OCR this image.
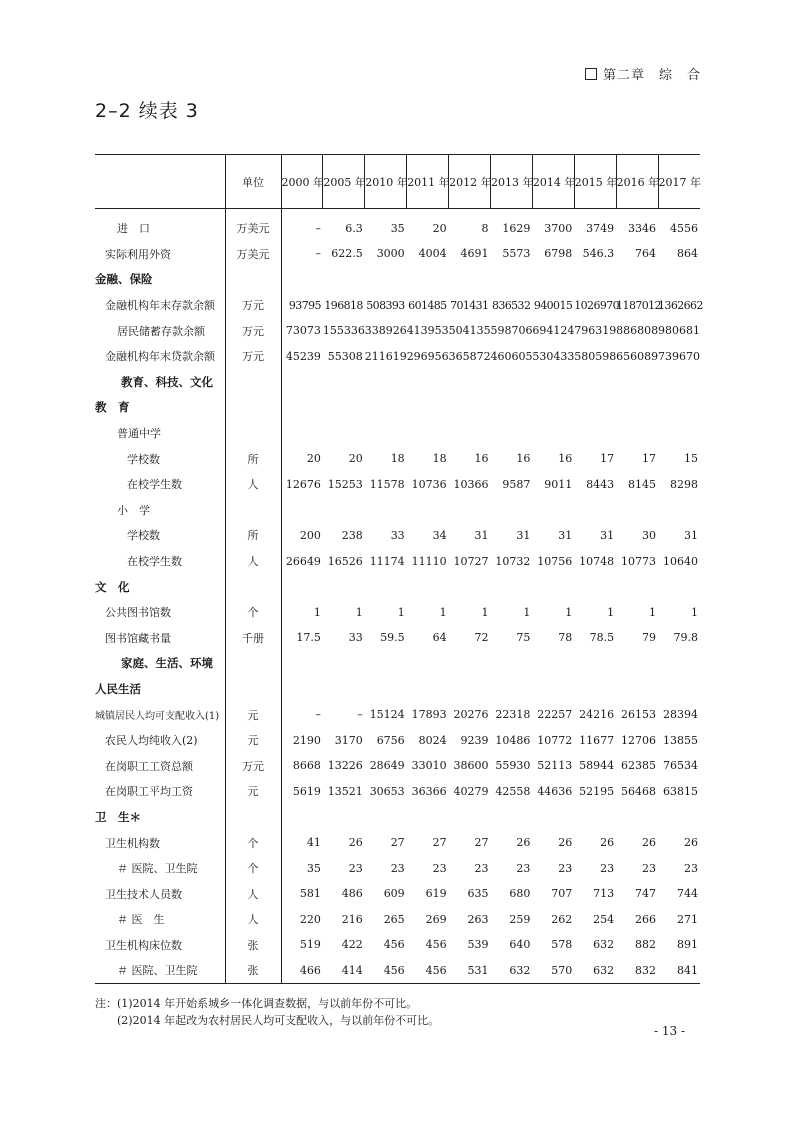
第二章　综　合
2–2 续表 3
	单位	2000 年	2005 年	2010 年	2011 年	2012 年	2013 年	2014 年	2015 年	2016 年	2017 年

进　口	万美元	–	6.3	35	20	8	1629	3700	3749	3346	4556
实际利用外资	万美元	–	622.5	3000	4004	4691	5573	6798	546.3	764	864
金融、保险											
金融机构年末存款余额	万元	93795	196818	508393	601485	701431	836532	940015	1026970	1187012	1362662
居民储蓄存款余额	万元	73073	155336	338926	413953	504135	598706	694124	796319	886808	980681
金融机构年末贷款余额	万元	45239	55308	211619	296956	365872	460605	530433	580598	656089	739670
教育、科技、文化											
教　育											
普通中学											
学校数	所	20	20	18	18	16	16	16	17	17	15
在校学生数	人	12676	15253	11578	10736	10366	9587	9011	8443	8145	8298
小　学											
学校数	所	200	238	33	34	31	31	31	31	30	31
在校学生数	人	26649	16526	11174	11110	10727	10732	10756	10748	10773	10640
文　化											
公共图书馆数	个	1	1	1	1	1	1	1	1	1	1
图书馆藏书量	千册	17.5	33	59.5	64	72	75	78	78.5	79	79.8
家庭、生活、环境											
人民生活											
城镇居民人均可支配收入(1)	元	–	–	15124	17893	20276	22318	22257	24216	26153	28394
农民人均纯收入(2)	元	2190	3170	6756	8024	9239	10486	10772	11677	12706	13855
在岗职工工资总额	万元	8668	13226	28649	33010	38600	55930	52113	58944	62385	76534
在岗职工平均工资	元	5619	13521	30653	36366	40279	42558	44636	52195	56468	63815
卫　生＊											
卫生机构数	个	41	26	27	27	27	26	26	26	26	26
＃ 医院、卫生院	个	35	23	23	23	23	23	23	23	23	23
卫生技术人员数	人	581	486	609	619	635	680	707	713	747	744
＃ 医　生	人	220	216	265	269	263	259	262	254	266	271
卫生机构床位数	张	519	422	456	456	539	640	578	632	882	891
＃ 医院、卫生院	张	466	414	456	456	531	632	570	632	832	841
注：(1)2014 年开始系城乡一体化调查数据，与以前年份不可比。
　　(2)2014 年起改为农村居民人均可支配收入，与以前年份不可比。
- 13 -
